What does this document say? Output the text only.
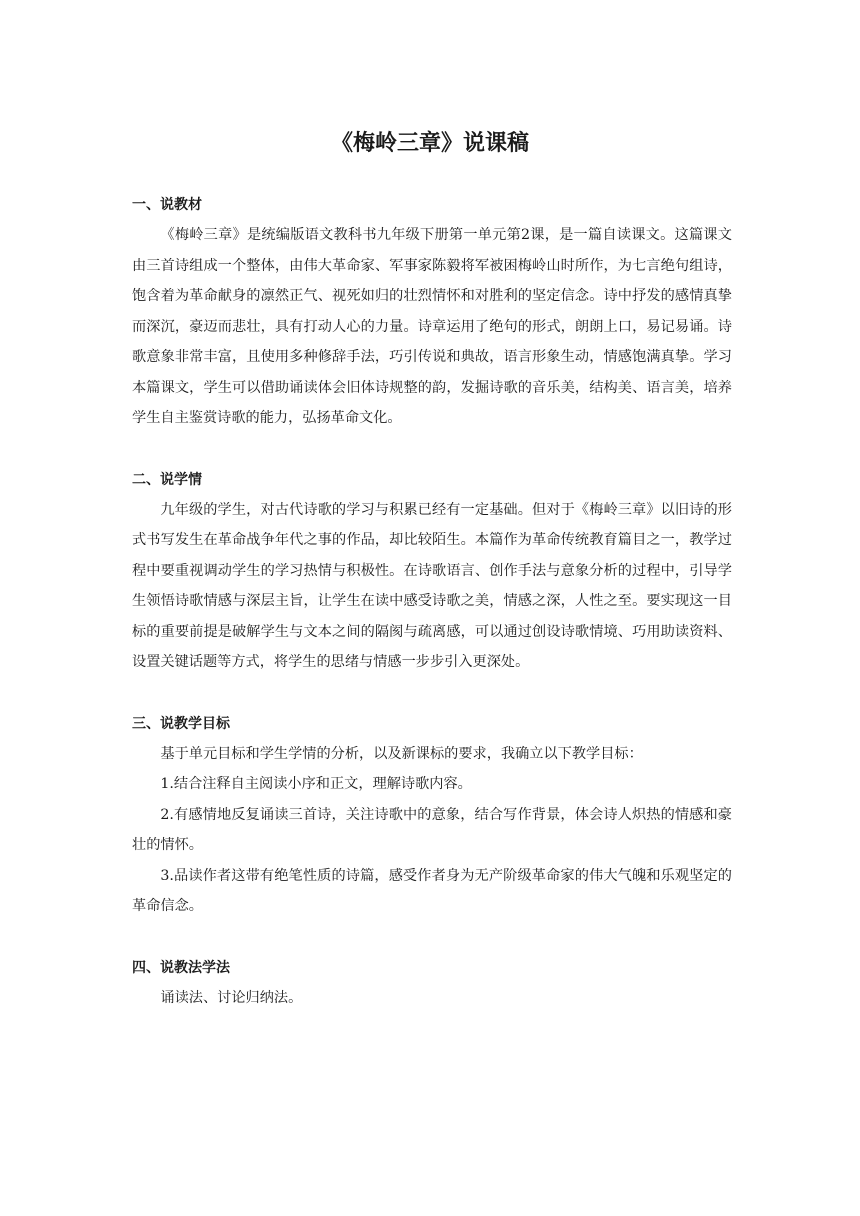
《梅岭三章》说课稿
一、说教材

《梅岭三章》是统编版语文教科书九年级下册第一单元第2课，是一篇自读课文。这篇课文由三首诗组成一个整体，由伟大革命家、军事家陈毅将军被困梅岭山时所作，为七言绝句组诗，饱含着为革命献身的凛然正气、视死如归的壮烈情怀和对胜利的坚定信念。诗中抒发的感情真挚而深沉，豪迈而悲壮，具有打动人心的力量。诗章运用了绝句的形式，朗朗上口，易记易诵。诗歌意象非常丰富，且使用多种修辞手法，巧引传说和典故，语言形象生动，情感饱满真挚。学习本篇课文，学生可以借助诵读体会旧体诗规整的韵，发掘诗歌的音乐美，结构美、语言美，培养学生自主鉴赏诗歌的能力，弘扬革命文化。

二、说学情

九年级的学生，对古代诗歌的学习与积累已经有一定基础。但对于《梅岭三章》以旧诗的形式书写发生在革命战争年代之事的作品，却比较陌生。本篇作为革命传统教育篇目之一，教学过程中要重视调动学生的学习热情与积极性。在诗歌语言、创作手法与意象分析的过程中，引导学生领悟诗歌情感与深层主旨，让学生在读中感受诗歌之美，情感之深，人性之至。要实现这一目标的重要前提是破解学生与文本之间的隔阂与疏离感，可以通过创设诗歌情境、巧用助读资料、设置关键话题等方式，将学生的思绪与情感一步步引入更深处。

三、说教学目标

基于单元目标和学生学情的分析，以及新课标的要求，我确立以下教学目标：

1.结合注释自主阅读小序和正文，理解诗歌内容。

2.有感情地反复诵读三首诗，关注诗歌中的意象，结合写作背景，体会诗人炽热的情感和豪壮的情怀。

3.品读作者这带有绝笔性质的诗篇，感受作者身为无产阶级革命家的伟大气魄和乐观坚定的革命信念。

四、说教法学法

诵读法、讨论归纳法。
